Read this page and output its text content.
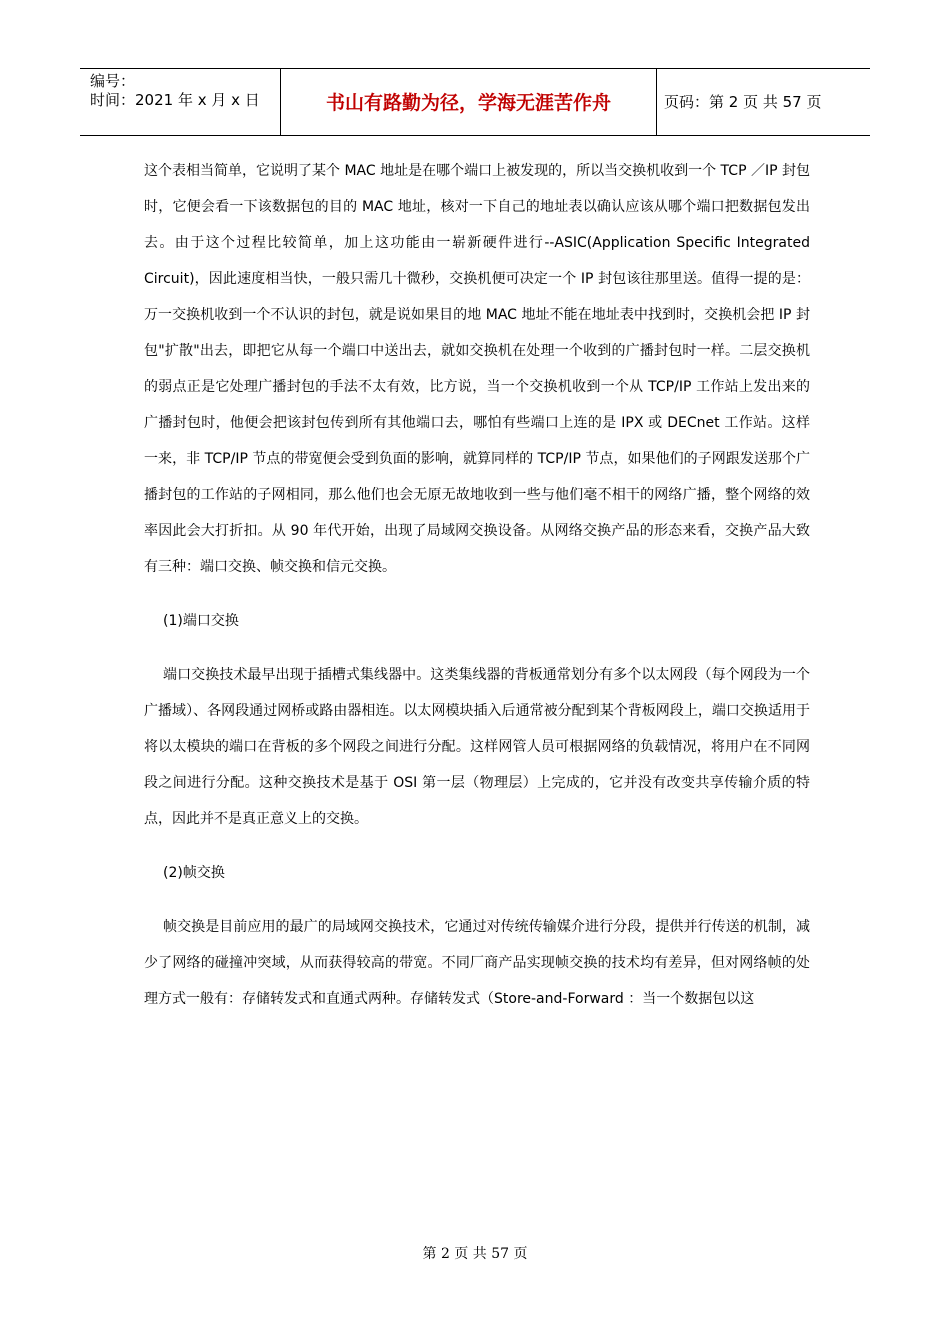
编号：
时间：2021 年 x 月 x 日	书山有路勤为径，学海无涯苦作舟	页码：第 2 页 共 57 页

这个表相当简单，它说明了某个 MAC 地址是在哪个端口上被发现的，所以当交换机收到一个 TCP ／IP 封包时，它便会看一下该数据包的目的 MAC 地址，核对一下自己的地址表以确认应该从哪个端口把数据包发出去。由于这个过程比较简单，加上这功能由一崭新硬件进行--ASIC(Application Specific Integrated Circuit)，因此速度相当快，一般只需几十微秒，交换机便可决定一个 IP 封包该往那里送。值得一提的是：万一交换机收到一个不认识的封包，就是说如果目的地 MAC 地址不能在地址表中找到时，交换机会把 IP 封包"扩散"出去，即把它从每一个端口中送出去，就如交换机在处理一个收到的广播封包时一样。二层交换机的弱点正是它处理广播封包的手法不太有效，比方说，当一个交换机收到一个从 TCP/IP 工作站上发出来的广播封包时，他便会把该封包传到所有其他端口去，哪怕有些端口上连的是 IPX 或 DECnet 工作站。这样一来，非 TCP/IP 节点的带宽便会受到负面的影响，就算同样的 TCP/IP 节点，如果他们的子网跟发送那个广播封包的工作站的子网相同，那么他们也会无原无故地收到一些与他们毫不相干的网络广播，整个网络的效率因此会大打折扣。从 90 年代开始，出现了局域网交换设备。从网络交换产品的形态来看，交换产品大致有三种：端口交换、帧交换和信元交换。

(1)端口交换

端口交换技术最早出现于插槽式集线器中。这类集线器的背板通常划分有多个以太网段（每个网段为一个广播域）、各网段通过网桥或路由器相连。以太网模块插入后通常被分配到某个背板网段上，端口交换适用于将以太模块的端口在背板的多个网段之间进行分配。这样网管人员可根据网络的负载情况，将用户在不同网段之间进行分配。这种交换技术是基于 OSI 第一层（物理层）上完成的，它并没有改变共享传输介质的特点，因此并不是真正意义上的交换。

(2)帧交换

帧交换是目前应用的最广的局域网交换技术，它通过对传统传输媒介进行分段，提供并行传送的机制，减少了网络的碰撞冲突域，从而获得较高的带宽。不同厂商产品实现帧交换的技术均有差异，但对网络帧的处理方式一般有：存储转发式和直通式两种。存储转发式（Store-and-Forward ：当一个数据包以这

第 2 页 共 57 页
